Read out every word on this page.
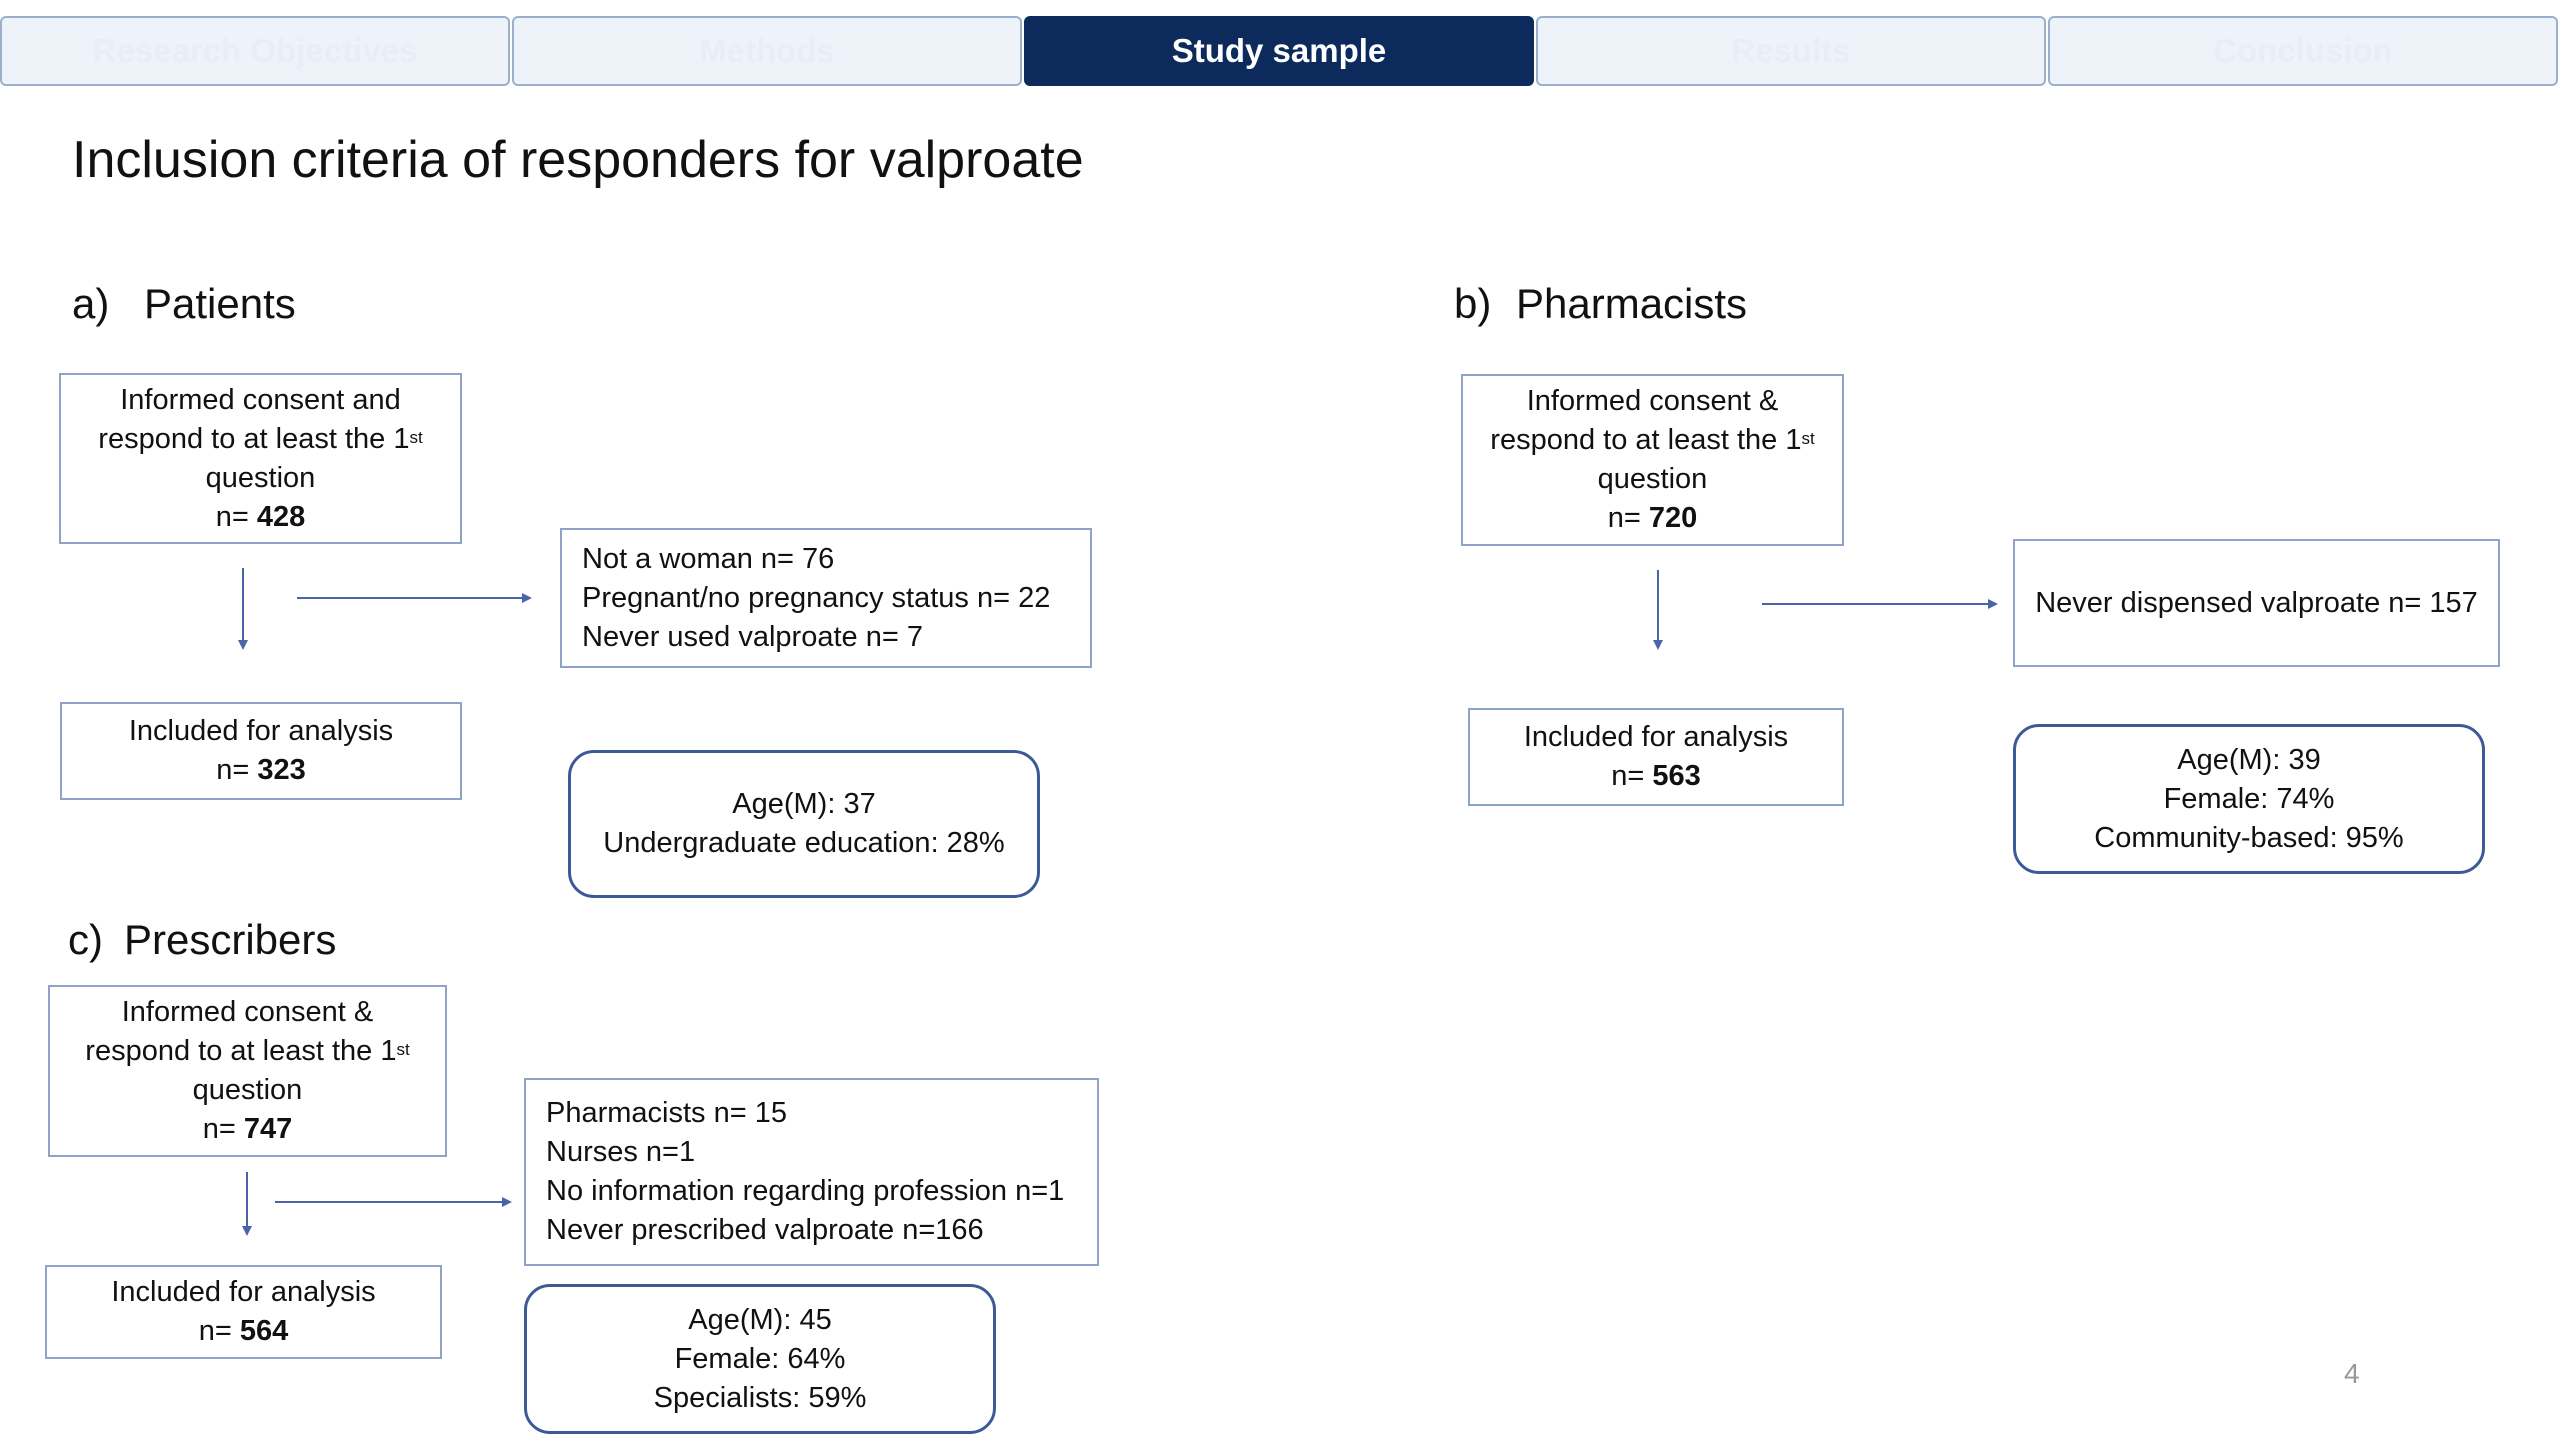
Research Objectives	Methods	Study sample	Results	Conclusion
Inclusion criteria of responders for valproate
a) Patients
Informed consent and
respond to at least the 1st
question
n= 428
Not a woman n= 76
Pregnant/no pregnancy status n= 22
Never used valproate n= 7
Included for analysis
n= 323
Age(M): 37
Undergraduate education: 28%
b) Pharmacists
Informed consent &
respond to at least the 1st
question
n= 720
Never dispensed valproate n= 157
Included for analysis
n= 563
Age(M): 39
Female: 74%
Community-based: 95%
c) Prescribers
Informed consent &
respond to at least the 1st
question
n= 747	Pharmacists n= 15
Nurses n=1
No information regarding profession n=1
Never prescribed valproate n=166
Included for analysis
n= 564	Age(M): 45
Female: 64%
Specialists: 59%
4
